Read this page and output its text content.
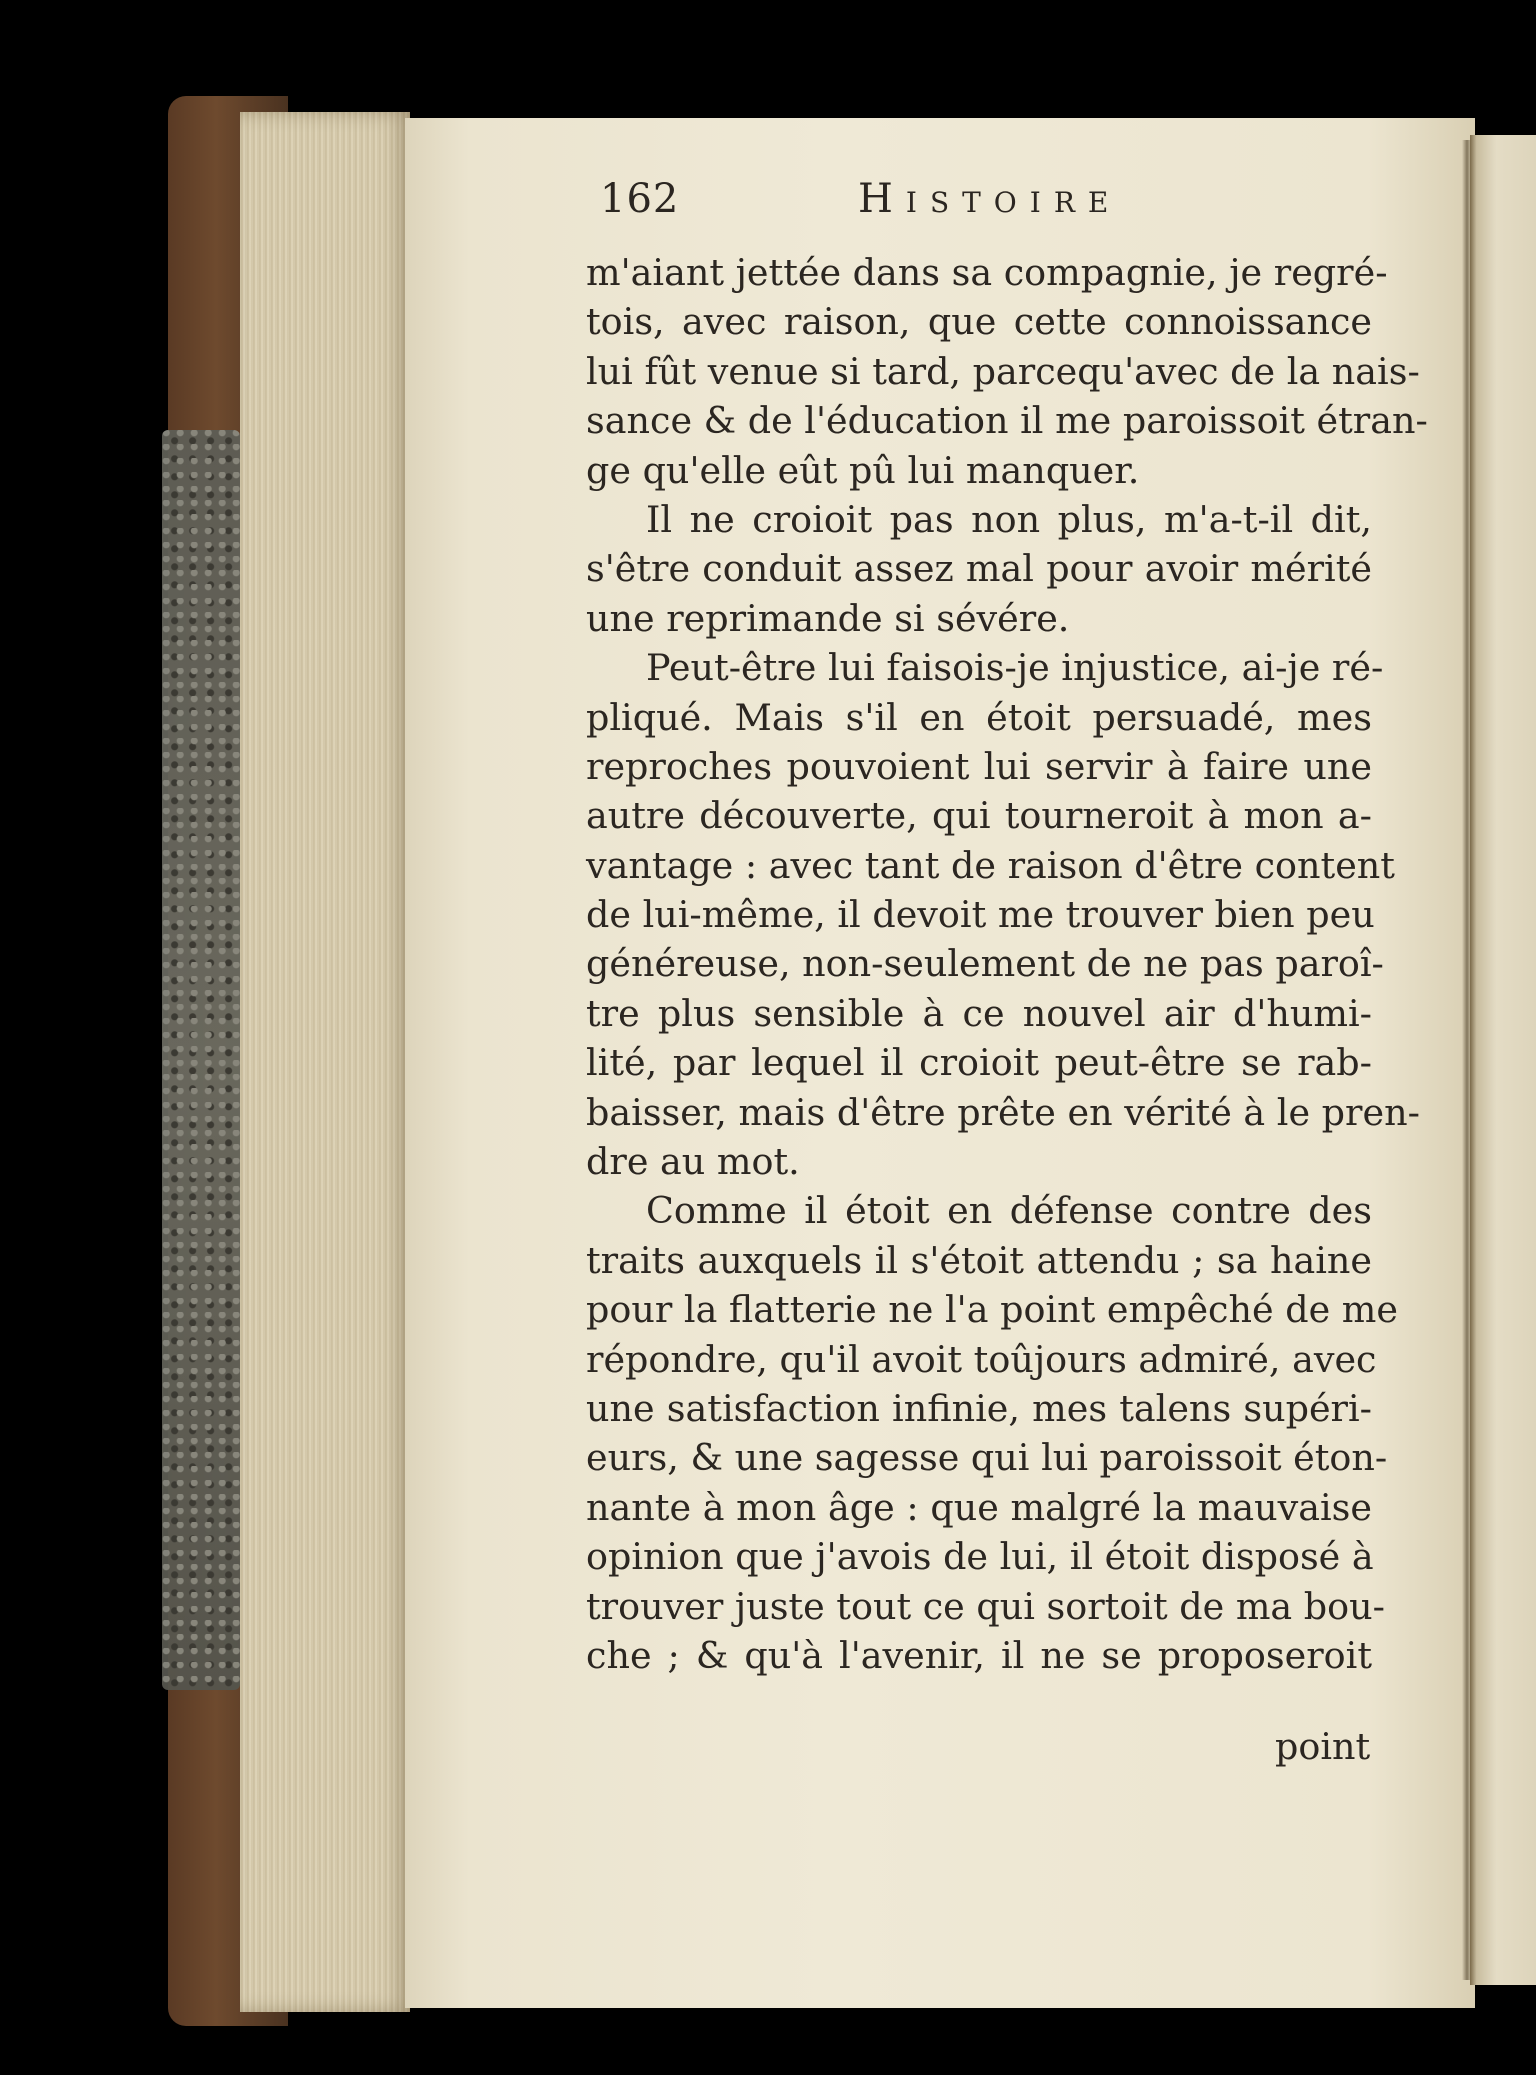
162	Histoire
m'aiant jettée dans sa compagnie, je regré-
tois, avec raison, que cette connoissance
lui fût venue si tard, parcequ'avec de la nais-
sance & de l'éducation il me paroissoit étran-
ge qu'elle eût pû lui manquer.
Il ne croioit pas non plus, m'a-t-il dit,
s'être conduit assez mal pour avoir mérité
une reprimande si sévére.
Peut-être lui faisois-je injustice, ai-je ré-
pliqué. Mais s'il en étoit persuadé, mes
reproches pouvoient lui servir à faire une
autre découverte, qui tourneroit à mon a-
vantage : avec tant de raison d'être content
de lui-même, il devoit me trouver bien peu
généreuse, non-seulement de ne pas paroî-
tre plus sensible à ce nouvel air d'humi-
lité, par lequel il croioit peut-être se rab-
baisser, mais d'être prête en vérité à le pren-
dre au mot.
Comme il étoit en défense contre des
traits auxquels il s'étoit attendu ; sa haine
pour la flatterie ne l'a point empêché de me
répondre, qu'il avoit toûjours admiré, avec
une satisfaction infinie, mes talens supéri-
eurs, & une sagesse qui lui paroissoit éton-
nante à mon âge : que malgré la mauvaise
opinion que j'avois de lui, il étoit disposé à
trouver juste tout ce qui sortoit de ma bou-
che ; & qu'à l'avenir, il ne se proposeroit
point
